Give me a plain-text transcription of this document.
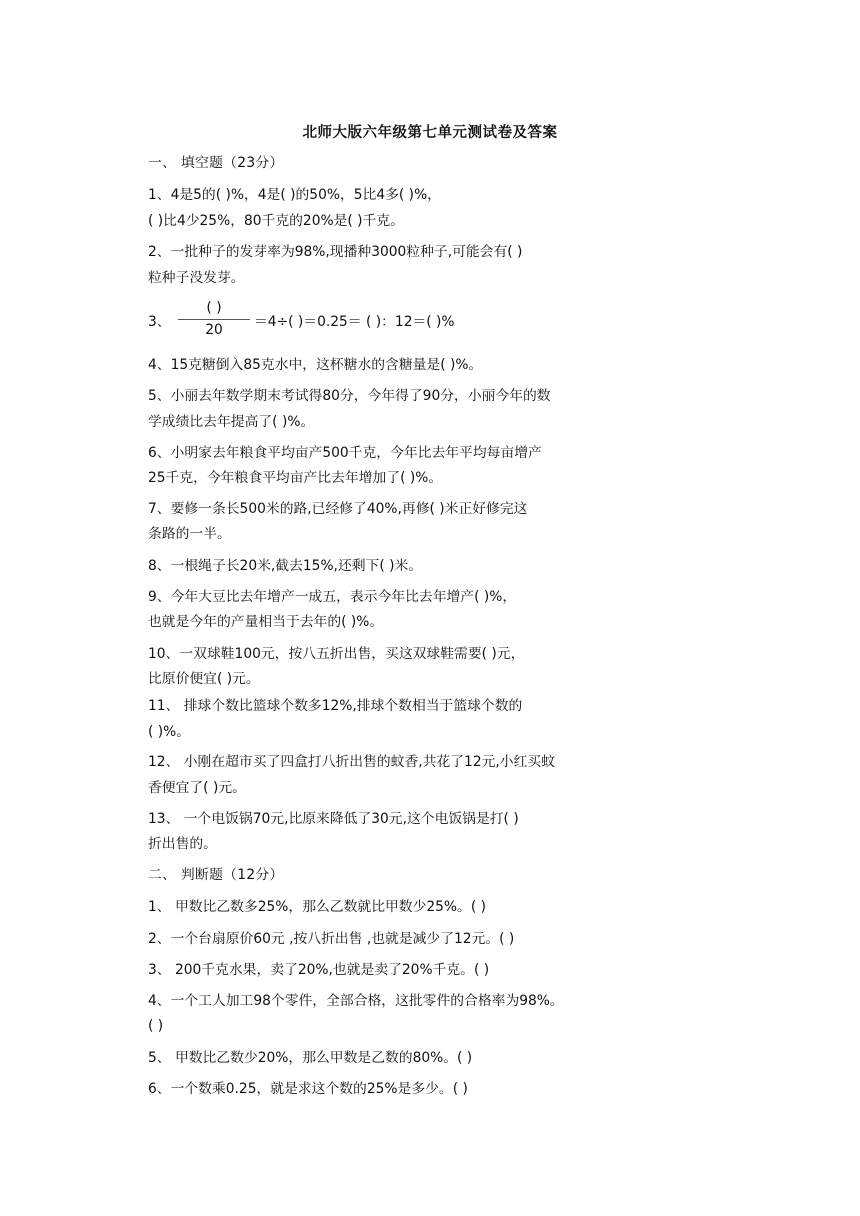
北师大版六年级第七单元测试卷及答案
一、 填空题（23分）
1、4是5的( )%，4是( )的50%，5比4多( )%，
( )比4少25%，80千克的20%是( )千克。
2、一批种子的发芽率为98%,现播种3000粒种子,可能会有( )
粒种子没发芽。
3、
( )
20	＝4÷( )＝0.25＝ ( )：12＝( )%
4、15克糖倒入85克水中，这杯糖水的含糖量是( )%。
5、小丽去年数学期末考试得80分，今年得了90分，小丽今年的数
学成绩比去年提高了( )%。
6、小明家去年粮食平均亩产500千克，今年比去年平均每亩增产
25千克，今年粮食平均亩产比去年增加了( )%。
7、要修一条长500米的路,已经修了40%,再修( )米正好修完这
条路的一半。
8、一根绳子长20米,截去15%,还剩下( )米。
9、今年大豆比去年增产一成五，表示今年比去年增产( )%，
也就是今年的产量相当于去年的( )%。
10、一双球鞋100元，按八五折出售，买这双球鞋需要( )元，
比原价便宜( )元。
11、 排球个数比篮球个数多12%,排球个数相当于篮球个数的
( )%。
12、 小刚在超市买了四盒打八折出售的蚊香,共花了12元,小红买蚊
香便宜了( )元。
13、 一个电饭锅70元,比原来降低了30元,这个电饭锅是打( )
折出售的。
二、 判断题（12分）
1、 甲数比乙数多25%，那么乙数就比甲数少25%。( )
2、一个台扇原价60元 ,按八折出售 ,也就是减少了12元。( )
3、 200千克水果，卖了20%,也就是卖了20%千克。( )
4、一个工人加工98个零件，全部合格，这批零件的合格率为98%。
( )
5、 甲数比乙数少20%，那么甲数是乙数的80%。( )
6、一个数乘0.25，就是求这个数的25%是多少。( )
